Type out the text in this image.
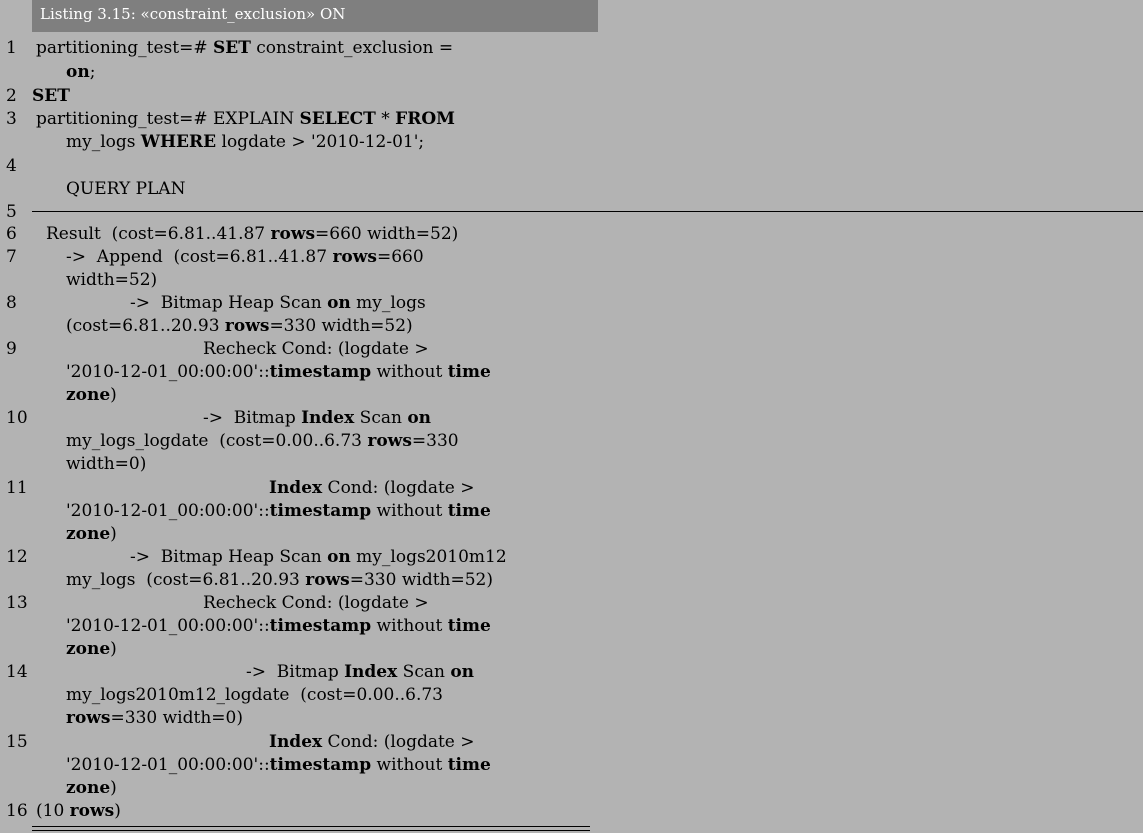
Listing 3.15: «constraint_exclusion» ON
1	partitioning_test=# SET constraint_exclusion =
on;
2 SET
3	partitioning_test=# EXPLAIN SELECT * FROM
my_logs WHERE logdate > '2010-12-01';
4
QUERY PLAN
5
6	Result  (cost=6.81..41.87 rows=660 width=52)
7	->  Append  (cost=6.81..41.87 rows=660
width=52)
8	->  Bitmap Heap Scan on my_logs
(cost=6.81..20.93 rows=330 width=52)
9	Recheck Cond: (logdate >
'2010-12-01_00:00:00'::timestamp without time
zone)
10	->  Bitmap Index Scan on
my_logs_logdate  (cost=0.00..6.73 rows=330
width=0)
11	Index Cond: (logdate >
'2010-12-01_00:00:00'::timestamp without time
zone)
12	->  Bitmap Heap Scan on my_logs2010m12
my_logs  (cost=6.81..20.93 rows=330 width=52)
13	Recheck Cond: (logdate >
'2010-12-01_00:00:00'::timestamp without time
zone)
14	->  Bitmap Index Scan on
my_logs2010m12_logdate  (cost=0.00..6.73
rows=330 width=0)
15	Index Cond: (logdate >
'2010-12-01_00:00:00'::timestamp without time
zone)
16 (10 rows)
